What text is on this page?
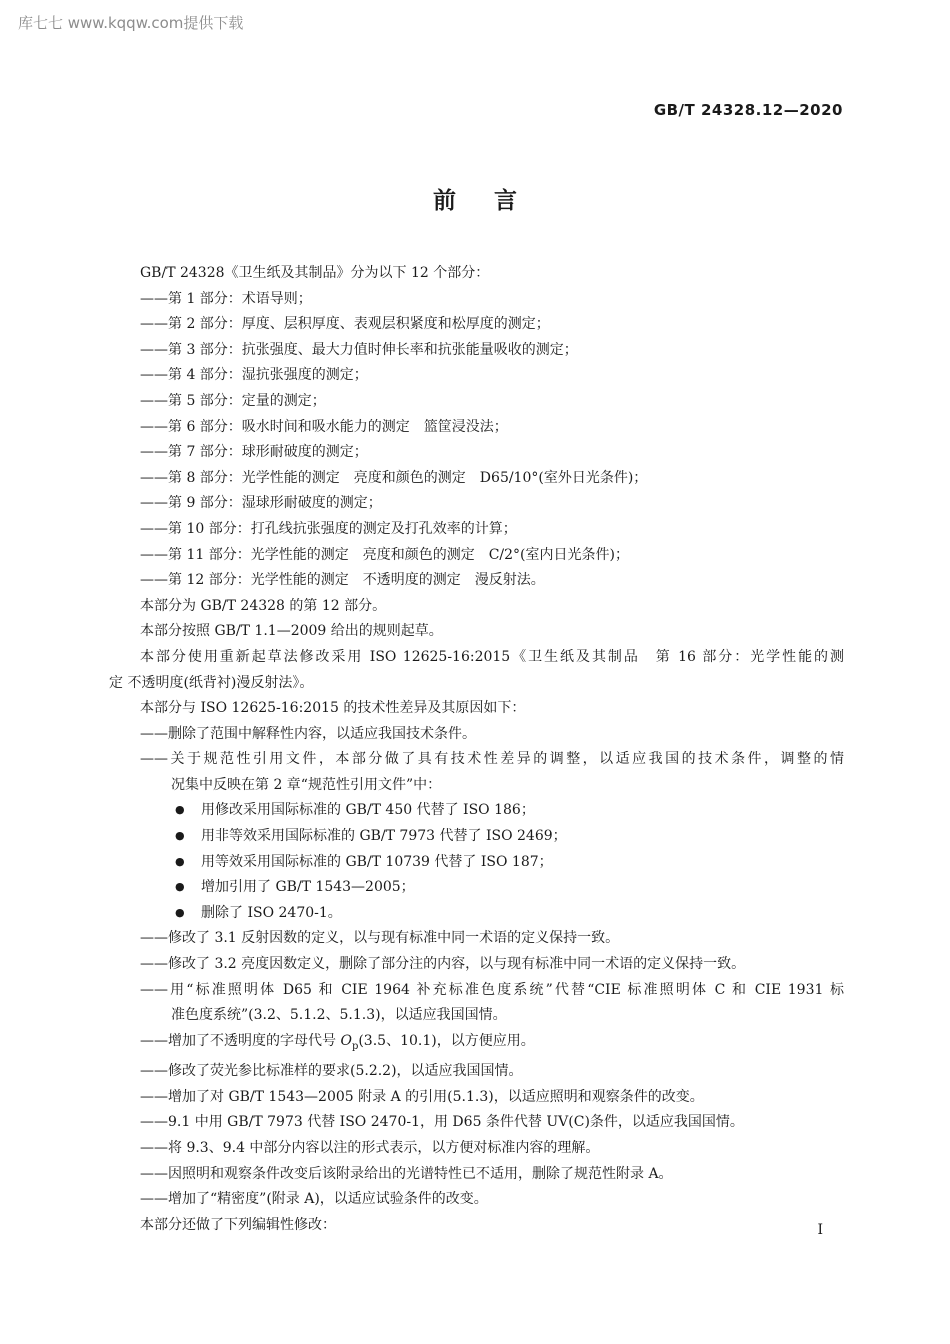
库七七 www.kqqw.com提供下载
GB/T 24328.12—2020
前言
GB/T 24328《卫生纸及其制品》分为以下 12 个部分：
——第 1 部分：术语导则；
——第 2 部分：厚度、层积厚度、表观层积紧度和松厚度的测定；
——第 3 部分：抗张强度、最大力值时伸长率和抗张能量吸收的测定；
——第 4 部分：湿抗张强度的测定；
——第 5 部分：定量的测定；
——第 6 部分：吸水时间和吸水能力的测定　篮筐浸没法；
——第 7 部分：球形耐破度的测定；
——第 8 部分：光学性能的测定　亮度和颜色的测定　D65/10°(室外日光条件)；
——第 9 部分：湿球形耐破度的测定；
——第 10 部分：打孔线抗张强度的测定及打孔效率的计算；
——第 11 部分：光学性能的测定　亮度和颜色的测定　C/2°(室内日光条件)；
——第 12 部分：光学性能的测定　不透明度的测定　漫反射法。
本部分为 GB/T 24328 的第 12 部分。
本部分按照 GB/T 1.1—2009 给出的规则起草。
本部分使用重新起草法修改采用 ISO 12625-16:2015《卫生纸及其制品　第 16 部分：光学性能的测
定 不透明度(纸背衬)漫反射法》。
本部分与 ISO 12625-16:2015 的技术性差异及其原因如下：
——删除了范围中解释性内容，以适应我国技术条件。
——关于规范性引用文件，本部分做了具有技术性差异的调整，以适应我国的技术条件，调整的情
况集中反映在第 2 章“规范性引用文件”中：
● 用修改采用国际标准的 GB/T 450 代替了 ISO 186；
● 用非等效采用国际标准的 GB/T 7973 代替了 ISO 2469；
● 用等效采用国际标准的 GB/T 10739 代替了 ISO 187；
● 增加引用了 GB/T 1543—2005；
● 删除了 ISO 2470-1。
——修改了 3.1 反射因数的定义，以与现有标准中同一术语的定义保持一致。
——修改了 3.2 亮度因数定义，删除了部分注的内容，以与现有标准中同一术语的定义保持一致。
——用“标准照明体 D65 和 CIE 1964 补充标准色度系统”代替“CIE 标准照明体 C 和 CIE 1931 标
准色度系统”(3.2、5.1.2、5.1.3)，以适应我国国情。
——增加了不透明度的字母代号 $O_p(3.5$、10.1)，以方便应用。
——修改了荧光参比标准样的要求(5.2.2)，以适应我国国情。
——增加了对 GB/T 1543—2005 附录 A 的引用(5.1.3)，以适应照明和观察条件的改变。
——9.1 中用 GB/T 7973 代替 ISO 2470-1，用 D65 条件代替 UV(C)条件，以适应我国国情。
——将 9.3、9.4 中部分内容以注的形式表示，以方便对标准内容的理解。
——因照明和观察条件改变后该附录给出的光谱特性已不适用，删除了规范性附录 A。
——增加了“精密度”(附录 A)，以适应试验条件的改变。
本部分还做了下列编辑性修改：	I
